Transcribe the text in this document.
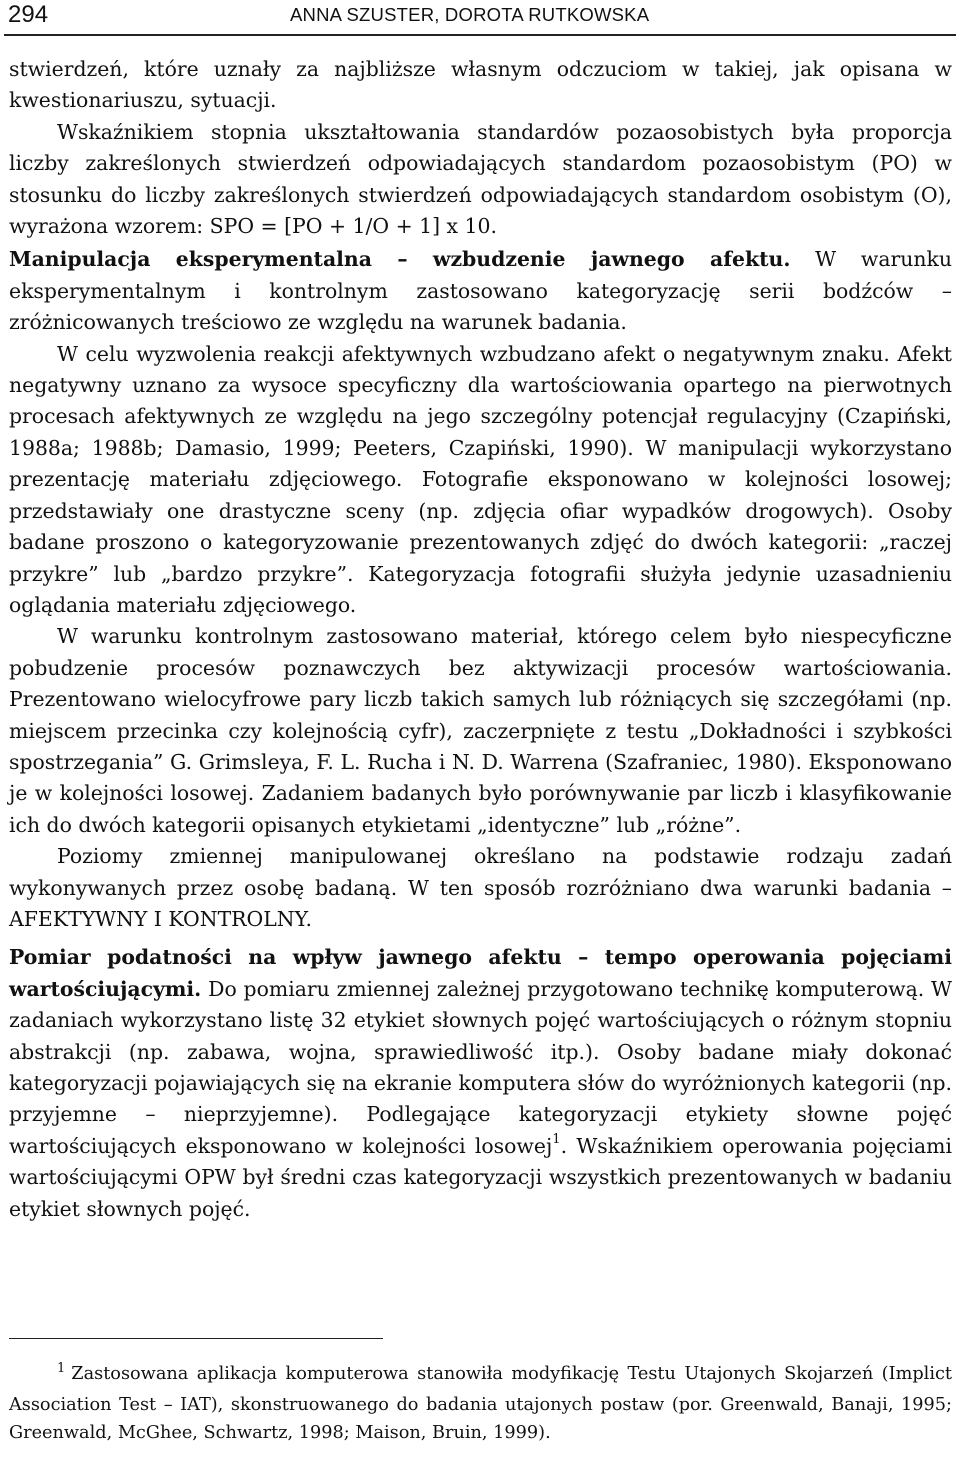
294	ANNA SZUSTER, DOROTA RUTKOWSKA

stwierdzeń, które uznały za najbliższe własnym odczuciom w takiej, jak opisana w kwestionariuszu, sytuacji.

Wskaźnikiem stopnia ukształtowania standardów pozaosobistych była proporcja liczby zakreślonych stwierdzeń odpowiadających standardom pozaosobistym (PO) w stosunku do liczby zakreślonych stwierdzeń odpowiadających standardom osobistym (O), wyrażona wzorem: SPO = [PO + 1/O + 1] x 10.

Manipulacja eksperymentalna – wzbudzenie jawnego afektu. W warunku eksperymentalnym i kontrolnym zastosowano kategoryzację serii bodźców – zróżnicowanych treściowo ze względu na warunek badania.

W celu wyzwolenia reakcji afektywnych wzbudzano afekt o negatywnym znaku. Afekt negatywny uznano za wysoce specyficzny dla wartościowania opartego na pierwotnych procesach afektywnych ze względu na jego szczególny potencjał regulacyjny (Czapiński, 1988a; 1988b; Damasio, 1999; Peeters, Czapiński, 1990). W manipulacji wykorzystano prezentację materiału zdjęciowego. Fotografie eksponowano w kolejności losowej; przedstawiały one drastyczne sceny (np. zdjęcia ofiar wypadków drogowych). Osoby badane proszono o kategoryzowanie prezentowanych zdjęć do dwóch kategorii: „raczej przykre” lub „bardzo przykre”. Kategoryzacja fotografii służyła jedynie uzasadnieniu oglądania materiału zdjęciowego.

W warunku kontrolnym zastosowano materiał, którego celem było niespecyficzne pobudzenie procesów poznawczych bez aktywizacji procesów wartościowania. Prezentowano wielocyfrowe pary liczb takich samych lub różniących się szczegółami (np. miejscem przecinka czy kolejnością cyfr), zaczerpnięte z testu „Dokładności i szybkości spostrzegania” G. Grimsleya, F. L. Rucha i N. D. Warrena (Szafraniec, 1980). Eksponowano je w kolejności losowej. Zadaniem badanych było porównywanie par liczb i klasyfikowanie ich do dwóch kategorii opisanych etykietami „identyczne” lub „różne”.

Poziomy zmiennej manipulowanej określano na podstawie rodzaju zadań wykonywanych przez osobę badaną. W ten sposób rozróżniano dwa warunki badania – AFEKTYWNY I KONTROLNY.

Pomiar podatności na wpływ jawnego afektu – tempo operowania pojęciami wartościującymi. Do pomiaru zmiennej zależnej przygotowano technikę komputerową. W zadaniach wykorzystano listę 32 etykiet słownych pojęć wartościujących o różnym stopniu abstrakcji (np. zabawa, wojna, sprawiedliwość itp.). Osoby badane miały dokonać kategoryzacji pojawiających się na ekranie komputera słów do wyróżnionych kategorii (np. przyjemne – nieprzyjemne). Podlegające kategoryzacji etykiety słowne pojęć wartościujących eksponowano w kolejności losowej$^1$. Wskaźnikiem operowania pojęciami wartościującymi OPW był średni czas kategoryzacji wszystkich prezentowanych w badaniu etykiet słownych pojęć.

$^1$ Zastosowana aplikacja komputerowa stanowiła modyfikację Testu Utajonych Skojarzeń (Implict Association Test – IAT), skonstruowanego do badania utajonych postaw (por. Greenwald, Banaji, 1995; Greenwald, McGhee, Schwartz, 1998; Maison, Bruin, 1999).
